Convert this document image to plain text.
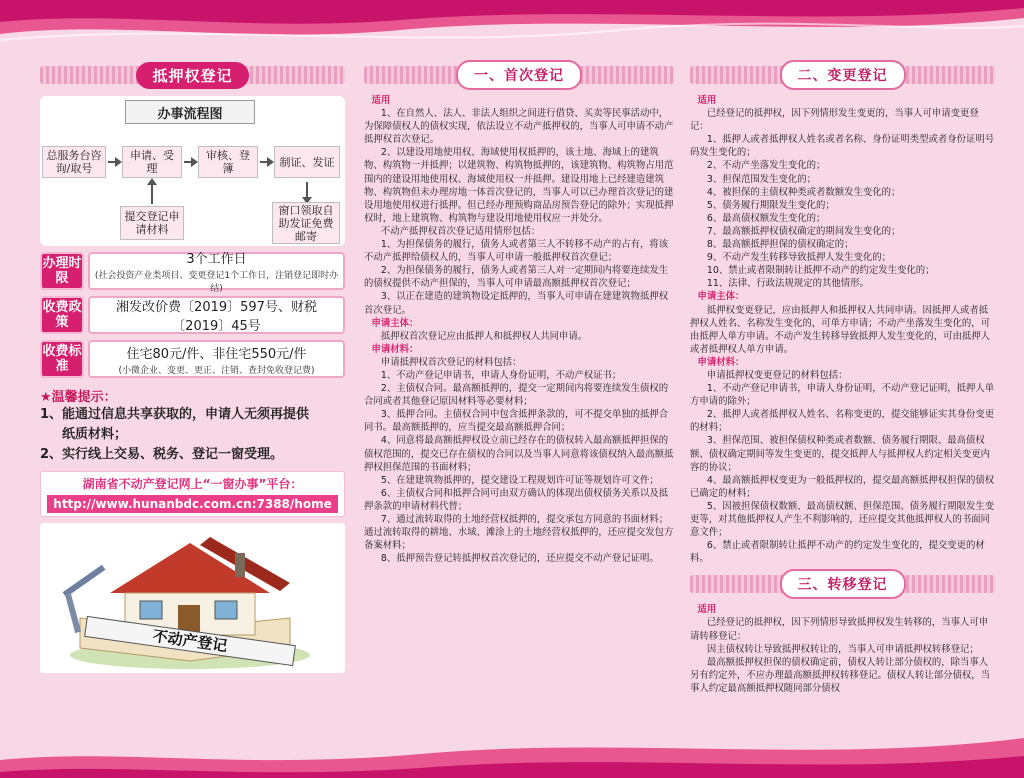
抵押权登记
办事流程图
总服务台咨询/取号
申请、受理
审核、登簿	制证、发证
提交登记申请材料
窗口领取自助发证免费邮寄
办理时限
3个工作日
(社会投资产业类项目、变更登记1个工作日，注销登记即时办结)
收费政策
湘发改价费〔2019〕597号、财税〔2019〕45号
收费标准
住宅80元/件、非住宅550元/件
(小微企业、变更、更正、注销、查封免收登记费)
★温馨提示：

1、能通过信息共享获取的，申请人无须再提供

纸质材料；

2、实行线上交易、税务、登记一窗受理。

湖南省不动产登记网上“一窗办事”平台：
http://www.hunanbdc.com.cn:7388/home
不动产登记
一、首次登记

适用

1、在自然人、法人、非法人组织之间进行借贷、买卖等民事活动中，为保障债权人的债权实现，依法设立不动产抵押权的，当事人可申请不动产抵押权首次登记。

2、以建设用地使用权、海域使用权抵押的，该土地、海域上的建筑物、构筑物一并抵押；以建筑物、构筑物抵押的，该建筑物、构筑物占用范围内的建设用地使用权、海域使用权一并抵押。建设用地上已经建造建筑物、构筑物但未办理房地一体首次登记的，当事人可以已办理首次登记的建设用地使用权进行抵押。但已经办理预购商品房预告登记的除外；实现抵押权时，地上建筑物、构筑物与建设用地使用权应一并处分。

不动产抵押权首次登记适用情形包括：

1、为担保债务的履行，债务人或者第三人不转移不动产的占有，将该不动产抵押给债权人的，当事人可申请一般抵押权首次登记；

2、为担保债务的履行，债务人或者第三人对一定期间内将要连续发生的债权提供不动产担保的，当事人可申请最高额抵押权首次登记；

3、以正在建造的建筑物设定抵押的，当事人可申请在建建筑物抵押权首次登记。

申请主体：

抵押权首次登记应由抵押人和抵押权人共同申请。

申请材料：

申请抵押权首次登记的材料包括：

1、不动产登记申请书，申请人身份证明，不动产权证书；

2、主债权合同。最高额抵押的，提交一定期间内将要连续发生债权的合同或者其他登记原因材料等必要材料；

3、抵押合同。主债权合同中包含抵押条款的，可不提交单独的抵押合同书。最高额抵押的，应当提交最高额抵押合同；

4、同意将最高额抵押权设立前已经存在的债权转入最高额抵押担保的债权范围的，提交已存在债权的合同以及当事人同意将该债权纳入最高额抵押权担保范围的书面材料；

5、在建建筑物抵押的，提交建设工程规划许可证等规划许可文件；

6、主债权合同和抵押合同可由双方确认的体现出债权债务关系以及抵押条款的申请材料代替；

7、通过流转取得的土地经营权抵押的，提交承包方同意的书面材料；通过流转取得的耕地、水域、滩涂上的土地经营权抵押的，还应提交发包方备案材料；

8、抵押预告登记转抵押权首次登记的，还应提交不动产登记证明。

二、变更登记

适用

已经登记的抵押权，因下列情形发生变更的，当事人可申请变更登记：

1、抵押人或者抵押权人姓名或者名称、身份证明类型或者身份证明号码发生变化的；

2、不动产坐落发生变化的；

3、担保范围发生变化的；

4、被担保的主债权种类或者数额发生变化的；

5、债务履行期限发生变化的；

6、最高债权额发生变化的；

7、最高额抵押权债权确定的期间发生变化的；

8、最高额抵押担保的债权确定的；

9、不动产发生转移导致抵押人发生变化的；

10、禁止或者限制转让抵押不动产的约定发生变化的；

11、法律、行政法规规定的其他情形。

申请主体：

抵押权变更登记，应由抵押人和抵押权人共同申请。因抵押人或者抵押权人姓名、名称发生变化的，可单方申请；不动产坐落发生变化的，可由抵押人单方申请。不动产发生转移导致抵押人发生变化的，可由抵押人或者抵押权人单方申请。

申请材料：

申请抵押权变更登记的材料包括：

1、不动产登记申请书，申请人身份证明，不动产登记证明，抵押人单方申请的除外；

2、抵押人或者抵押权人姓名、名称变更的，提交能够证实其身份变更的材料；

3、担保范围、被担保债权种类或者数额、债务履行期限、最高债权额、债权确定期间等发生变更的，提交抵押人与抵押权人约定相关变更内容的协议；

4、最高额抵押权变更为一般抵押权的，提交最高额抵押权担保的债权已确定的材料；

5、因被担保债权数额、最高债权额、担保范围、债务履行期限发生变更等，对其他抵押权人产生不利影响的，还应提交其他抵押权人的书面同意文件；

6、禁止或者限制转让抵押不动产的约定发生变化的，提交变更的材料。

三、转移登记

适用

已经登记的抵押权，因下列情形导致抵押权发生转移的，当事人可申请转移登记：

因主债权转让导致抵押权转让的，当事人可申请抵押权转移登记；

最高额抵押权担保的债权确定前，债权人转让部分债权的，除当事人另有约定外，不应办理最高额抵押权转移登记。债权人转让部分债权，当事人约定最高额抵押权随同部分债权
